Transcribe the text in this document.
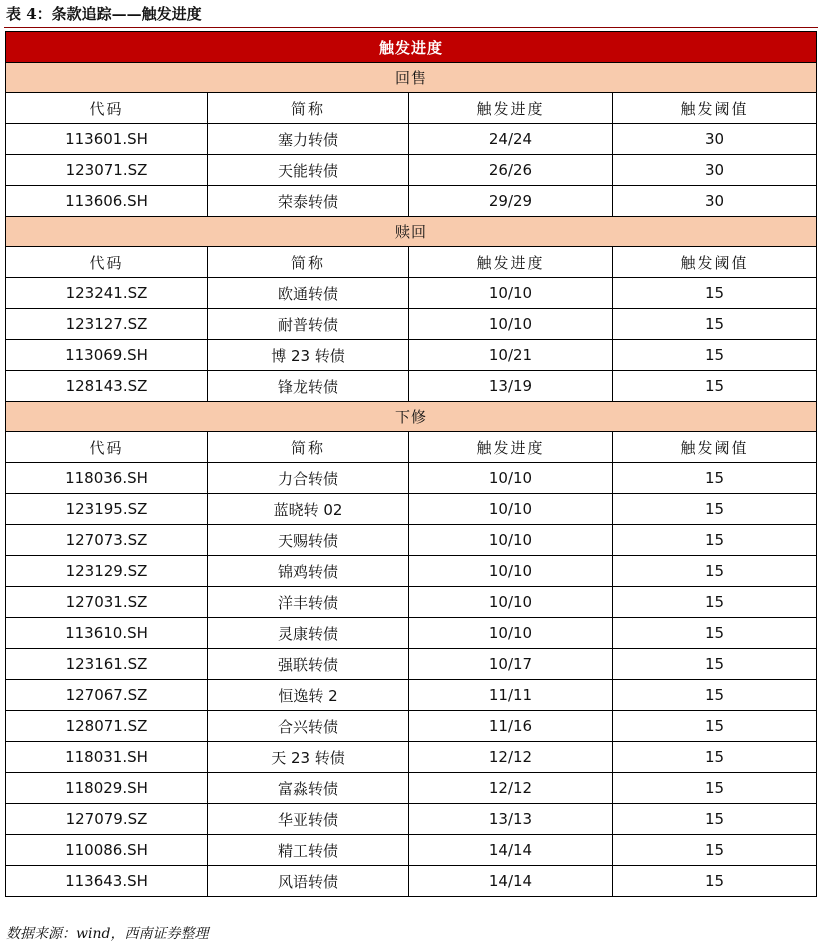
表 4：条款追踪——触发进度
触发进度			
回售			
代码	简称	触发进度	触发阈值
113601.SH	塞力转债	24/24	30
123071.SZ	天能转债	26/26	30
113606.SH	荣泰转债	29/29	30
赎回			
代码	简称	触发进度	触发阈值
123241.SZ	欧通转债	10/10	15
123127.SZ	耐普转债	10/10	15
113069.SH	博 23 转债	10/21	15
128143.SZ	锋龙转债	13/19	15
下修			
代码	简称	触发进度	触发阈值
118036.SH	力合转债	10/10	15
123195.SZ	蓝晓转 02	10/10	15
127073.SZ	天赐转债	10/10	15
123129.SZ	锦鸡转债	10/10	15
127031.SZ	洋丰转债	10/10	15
113610.SH	灵康转债	10/10	15
123161.SZ	强联转债	10/17	15
127067.SZ	恒逸转 2	11/11	15
128071.SZ	合兴转债	11/16	15
118031.SH	天 23 转债	12/12	15
118029.SH	富淼转债	12/12	15
127079.SZ	华亚转债	13/13	15
110086.SH	精工转债	14/14	15
113643.SH	风语转债	14/14	15
数据来源：wind，西南证券整理
